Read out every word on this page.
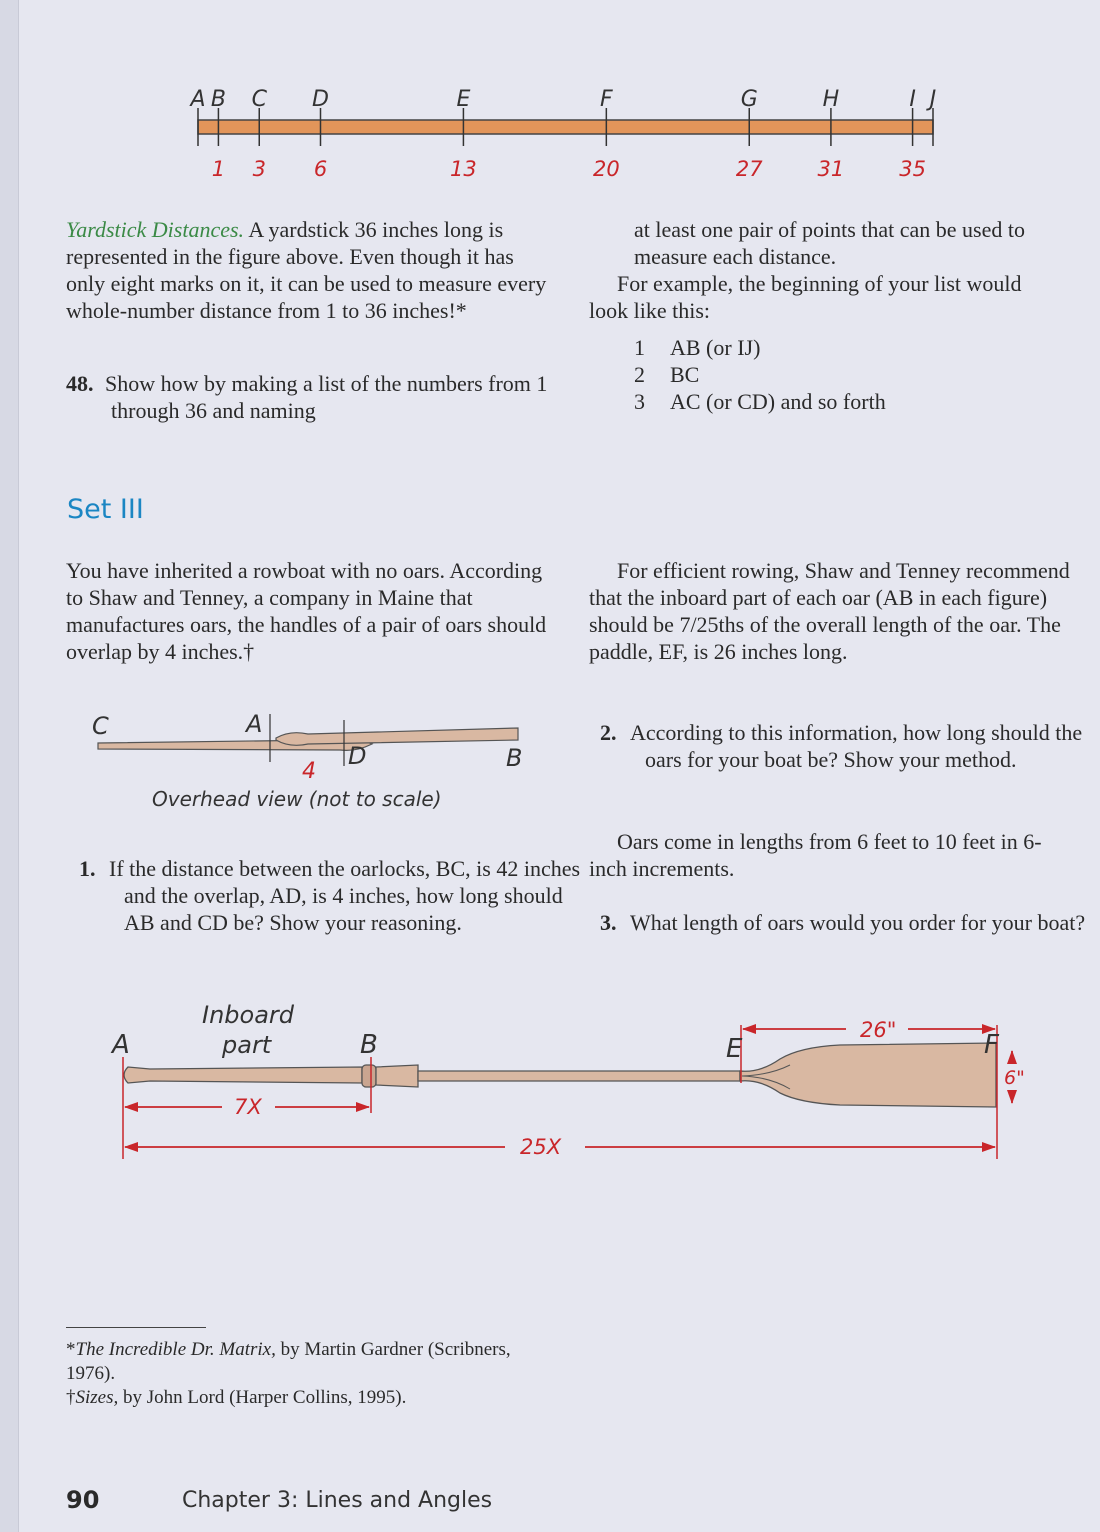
A B C D	E	F	G	H	I J
1 3 6	13	20	27	31	35
Yardstick Distances. A yardstick 36 inches long is represented in the figure above. Even though it has only eight marks on it, it can be used to measure every whole-number distance from 1 to 36 inches!*
48. Show how by making a list of the numbers from 1 through 36 and naming
at least one pair of points that can be used to measure each distance.
For example, the beginning of your list would look like this:
1 AB (or IJ)
2 BC
3 AC (or CD) and so forth
Set III
You have inherited a rowboat with no oars. According to Shaw and Tenney, a company in Maine that manufactures oars, the handles of a pair of oars should overlap by 4 inches.†
C	A
D	B
4
Overhead view (not to scale)
1. If the distance between the oarlocks, BC, is 42 inches and the overlap, AD, is 4 inches, how long should AB and CD be? Show your reasoning.
For efficient rowing, Shaw and Tenney recommend that the inboard part of each oar (AB in each figure) should be 7/25ths of the overall length of the oar. The paddle, EF, is 26 inches long.
2. According to this information, how long should the oars for your boat be? Show your method.
Oars come in lengths from 6 feet to 10 feet in 6-inch increments.
3. What length of oars would you order for your boat?
7X
25X
26"
6"
Inboard
part
A	B	E	F
*The Incredible Dr. Matrix, by Martin Gardner (Scribners, 1976).
†Sizes, by John Lord (Harper Collins, 1995).
90	Chapter 3: Lines and Angles
